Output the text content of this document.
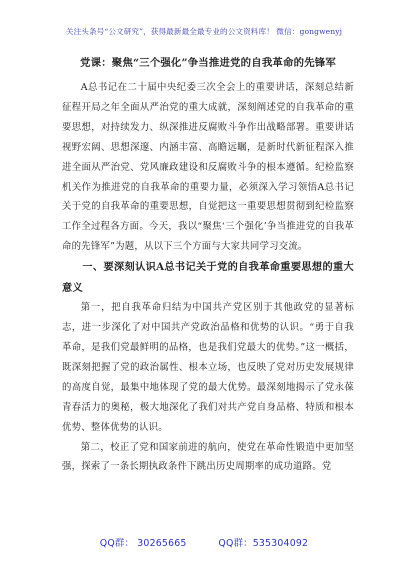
关注头条号“公文研究”，获得最新最全最专业的公文资料库！ 微信：gongwenyj
党课：聚焦“三个强化”争当推进党的自我革命的先锋军

A总书记在二十届中央纪委三次全会上的重要讲话，深刻总结新征程开局之年全面从严治党的重大成就，深刻阐述党的自我革命的重要思想，对持续发力、纵深推进反腐败斗争作出战略部署。重要讲话视野宏阔、思想深邃、内涵丰富、高瞻远瞩，是新时代新征程深入推进全面从严治党、党风廉政建设和反腐败斗争的根本遵循。纪检监察机关作为推进党的自我革命的重要力量，必须深入学习领悟A总书记关于党的自我革命的重要思想，自觉把这一重要思想贯彻到纪检监察工作全过程各方面。今天，我以“聚焦‘三个强化’争当推进党的自我革命的先锋军”为题，从以下三个方面与大家共同学习交流。

一、要深刻认识A总书记关于党的自我革命重要思想的重大意义

第一，把自我革命归结为中国共产党区别于其他政党的显著标志，进一步深化了对中国共产党政治品格和优势的认识。“勇于自我革命，是我们党最鲜明的品格，也是我们党最大的优势。”这一概括，既深刻把握了党的政治属性、根本立场，也反映了党对历史发展规律的高度自觉，最集中地体现了党的最大优势。最深刻地揭示了党永葆青春活力的奥秘，极大地深化了我们对共产党自身品格、特质和根本优势、整体优势的认识。

第二，校正了党和国家前进的航向，使党在革命性锻造中更加坚强，探索了一条长期执政条件下跳出历史周期率的成功道路。党

QQ群： 30265665	QQ群：535304092
